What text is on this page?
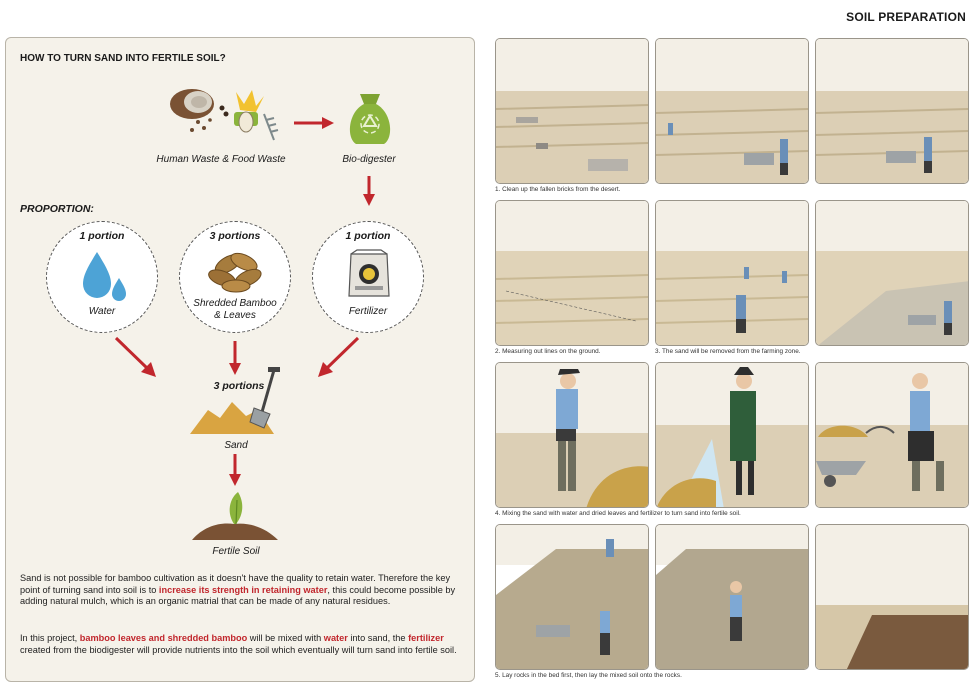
SOIL PREPARATION
HOW TO TURN SAND INTO FERTILE SOIL?
Human Waste & Food Waste	Bio-digester
PROPORTION:
1 portion
Water
3 portions
Shredded Bamboo
& Leaves
1 portion
Fertilizer
3 portions
Sand
Fertile Soil
Sand is not possible for bamboo cultivation as it doesn't have the quality to retain water. Therefore the key point of turning sand into soil is to increase its strength in retaining water, this could become possible by adding natural mulch, which is an organic matrial that can be made of any natural residues.
In this project, bamboo leaves and shredded bamboo will be mixed with water into sand, the fertilizer created from the biodigester will provide nutrients into the soil which eventually will turn sand into fertile soil.
1. Clean up the fallen bricks from the desert.
2. Measuring out lines on the ground.	3. The sand will be removed from the farming zone.
4. Mixing the sand with water and dried leaves and fertilizer to turn sand into fertile soil.
5. Lay rocks in the bed first, then lay the mixed soil onto the rocks.
